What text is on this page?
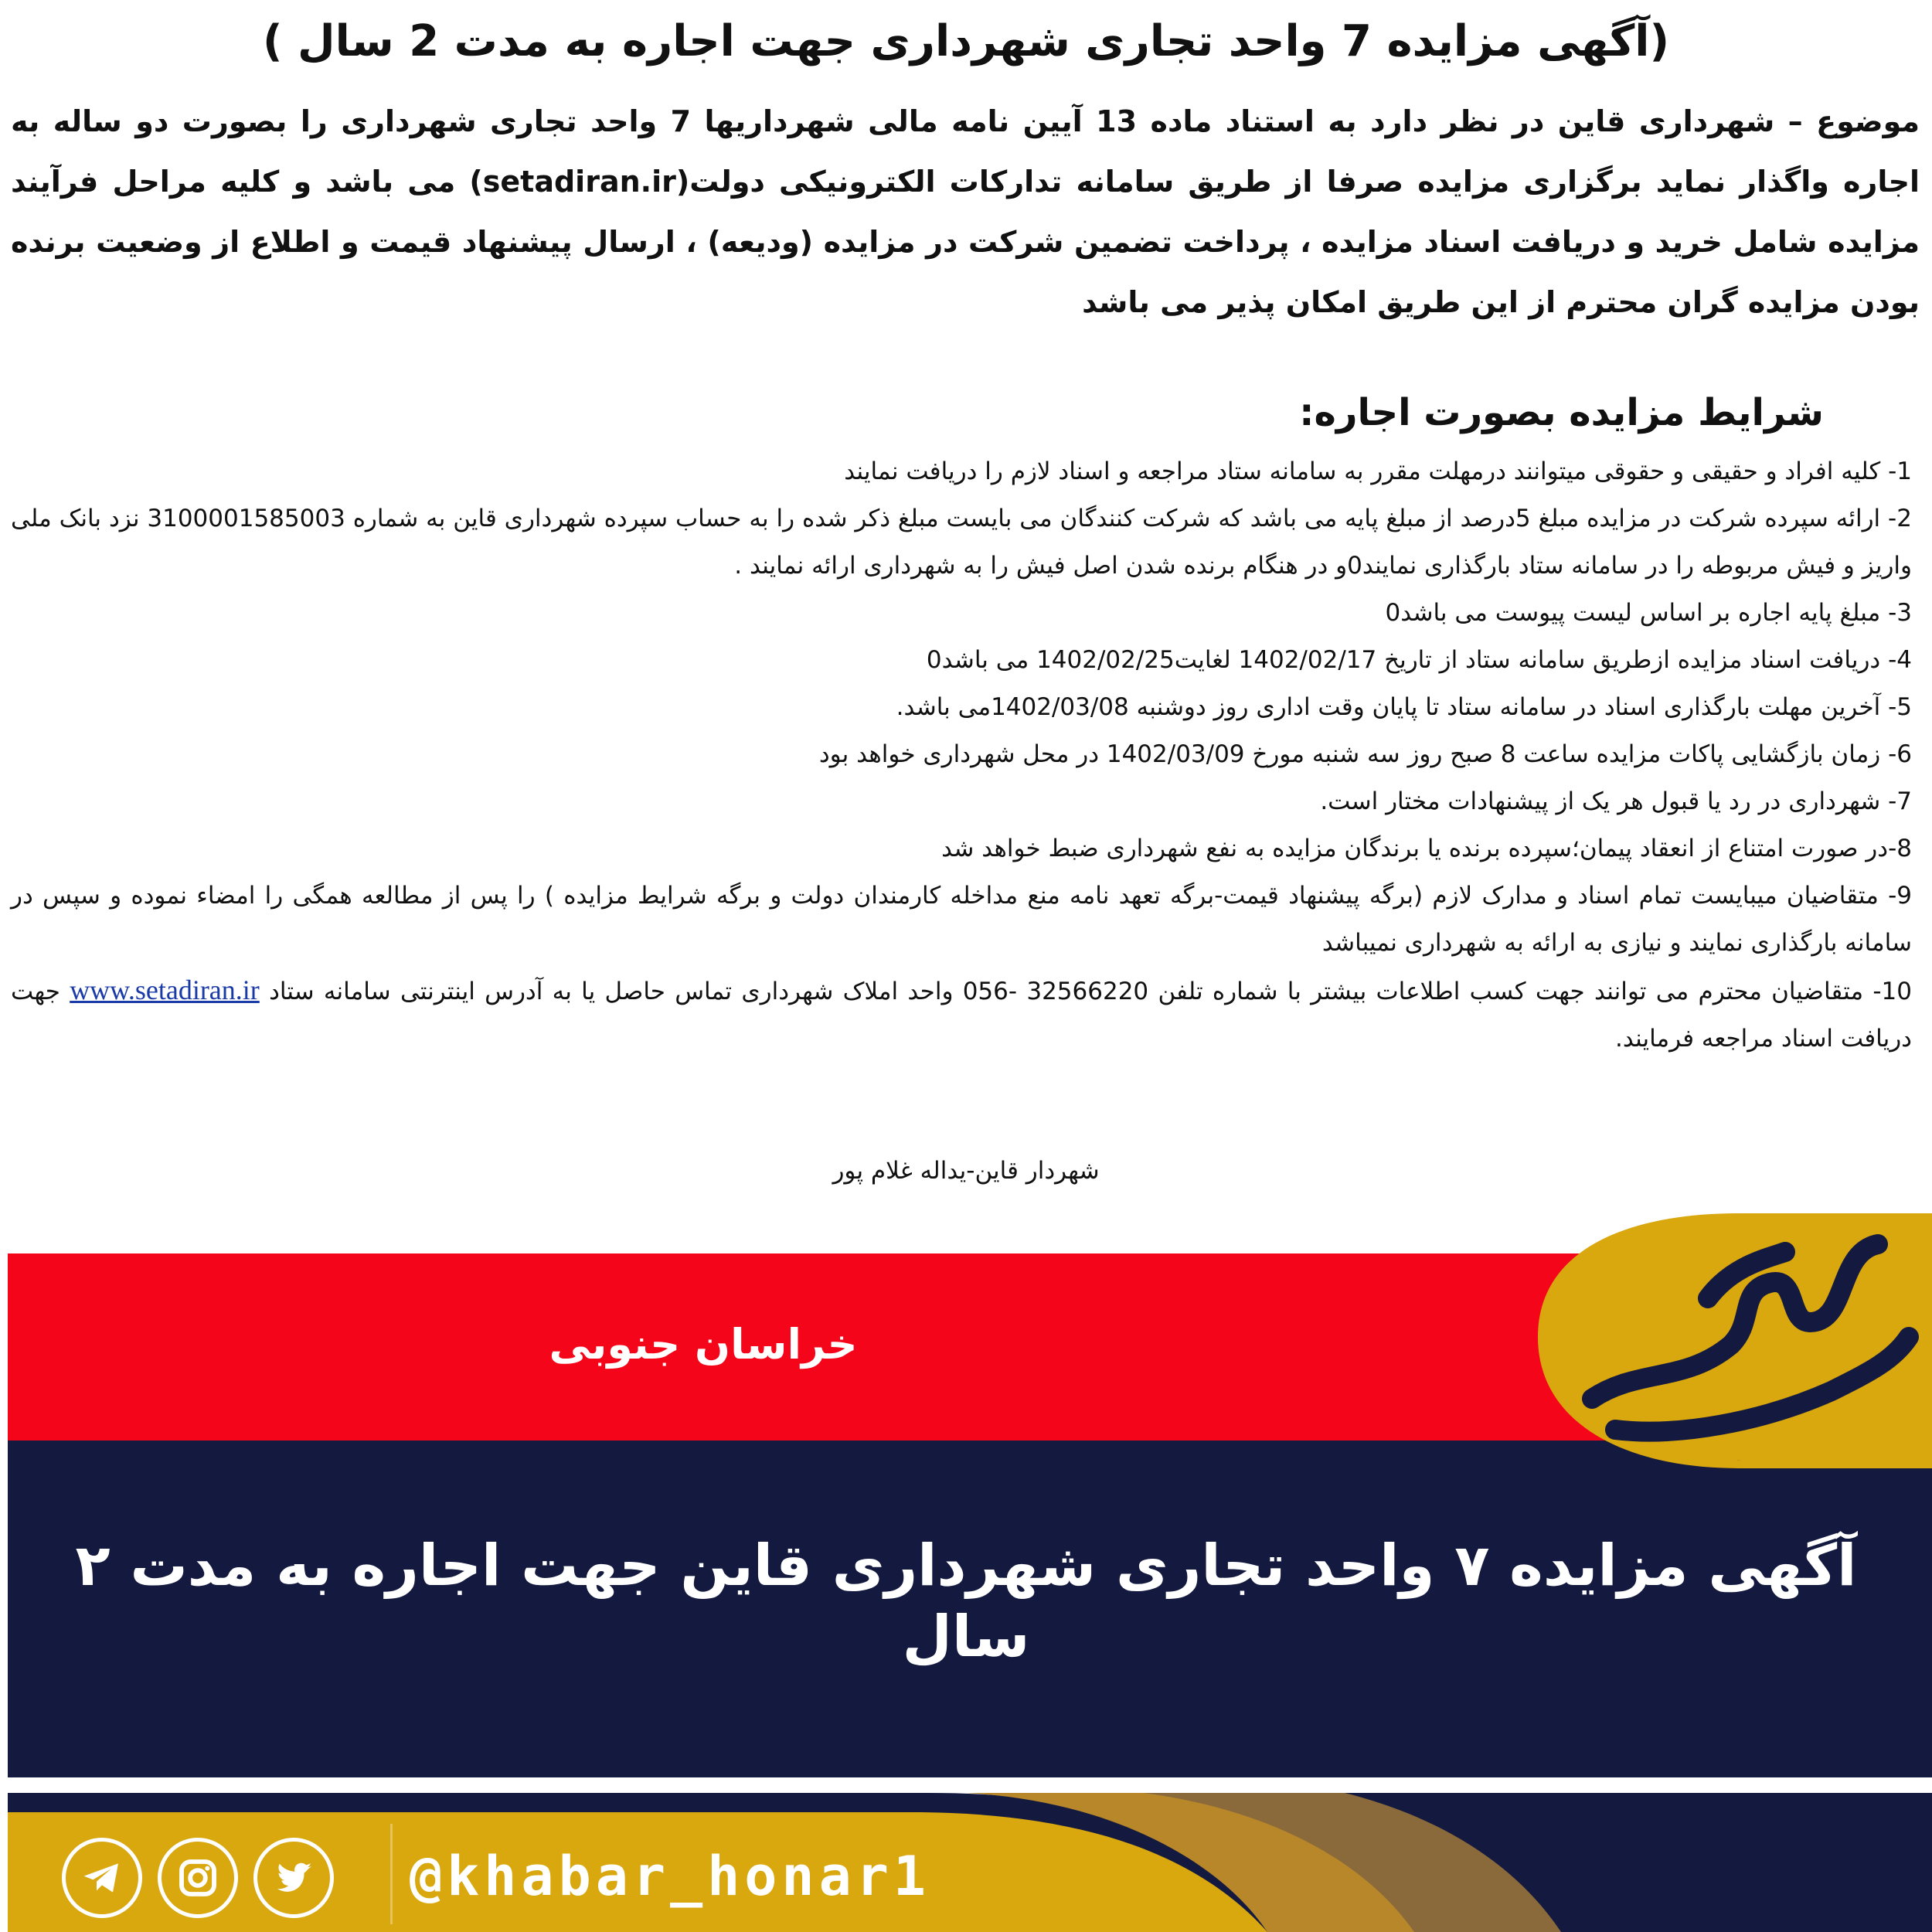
(آگهی مزایده 7 واحد تجاری شهرداری جهت اجاره به مدت 2 سال )
موضوع – شهرداری قاین در نظر دارد به استناد ماده 13 آیین نامه مالی شهرداریها 7 واحد تجاری شهرداری را بصورت دو ساله به اجاره واگذار نماید برگزاری مزایده صرفا از طریق سامانه تدارکات الکترونیکی دولت(setadiran.ir) می باشد و کلیه مراحل فرآیند مزایده شامل خرید و دریافت اسناد مزایده ، پرداخت تضمین شرکت در مزایده (ودیعه) ، ارسال پیشنهاد قیمت و اطلاع از وضعیت برنده بودن مزایده گران محترم از این طریق امکان پذیر می باشد
شرایط مزایده بصورت اجاره:
1- کلیه افراد و حقیقی و حقوقی میتوانند درمهلت مقرر به سامانه ستاد مراجعه و اسناد لازم را دریافت نمایند
2- ارائه سپرده شرکت در مزایده مبلغ 5درصد از مبلغ پایه می باشد که شرکت کنندگان می بایست مبلغ ذکر شده را به حساب سپرده شهرداری قاین به شماره 3100001585003 نزد بانک ملی واریز و فیش مربوطه را در سامانه ستاد بارگذاری نمایند0و در هنگام برنده شدن اصل فیش را به شهرداری ارائه نمایند .
3- مبلغ پایه اجاره بر اساس لیست پیوست می باشد0
4- دریافت اسناد مزایده ازطریق سامانه ستاد از تاریخ 1402/02/17 لغایت1402/02/25 می باشد0
5- آخرین مهلت بارگذاری اسناد در سامانه ستاد تا پایان وقت اداری روز دوشنبه 1402/03/08می باشد.
6- زمان بازگشایی پاکات مزایده ساعت 8 صبح روز سه شنبه مورخ 1402/03/09 در محل شهرداری خواهد بود
7- شهرداری در رد یا قبول هر یک از پیشنهادات مختار است.
8-در صورت امتناع از انعقاد پیمان؛سپرده برنده یا برندگان مزایده به نفع شهرداری ضبط خواهد شد
9- متقاضیان میبایست تمام اسناد و مدارک لازم (برگه پیشنهاد قیمت-برگه تعهد نامه منع مداخله کارمندان دولت و برگه شرایط مزایده ) را پس از مطالعه همگی را امضاء نموده و سپس در سامانه بارگذاری نمایند و نیازی به ارائه به شهرداری نمیباشد
10- متقاضیان محترم می توانند جهت کسب اطلاعات بیشتر با شماره تلفن 32566220 -056 واحد املاک شهرداری تماس حاصل یا به آدرس اینترنتی سامانه ستاد www.setadiran.ir جهت دریافت اسناد مراجعه فرمایند.
شهردار قاین-یداله غلام پور
خراسان جنوبی
آگهی مزایده ۷ واحد تجاری شهرداری قاین جهت اجاره به مدت ۲ سال
خبر و هنر
@khabar_honar1
